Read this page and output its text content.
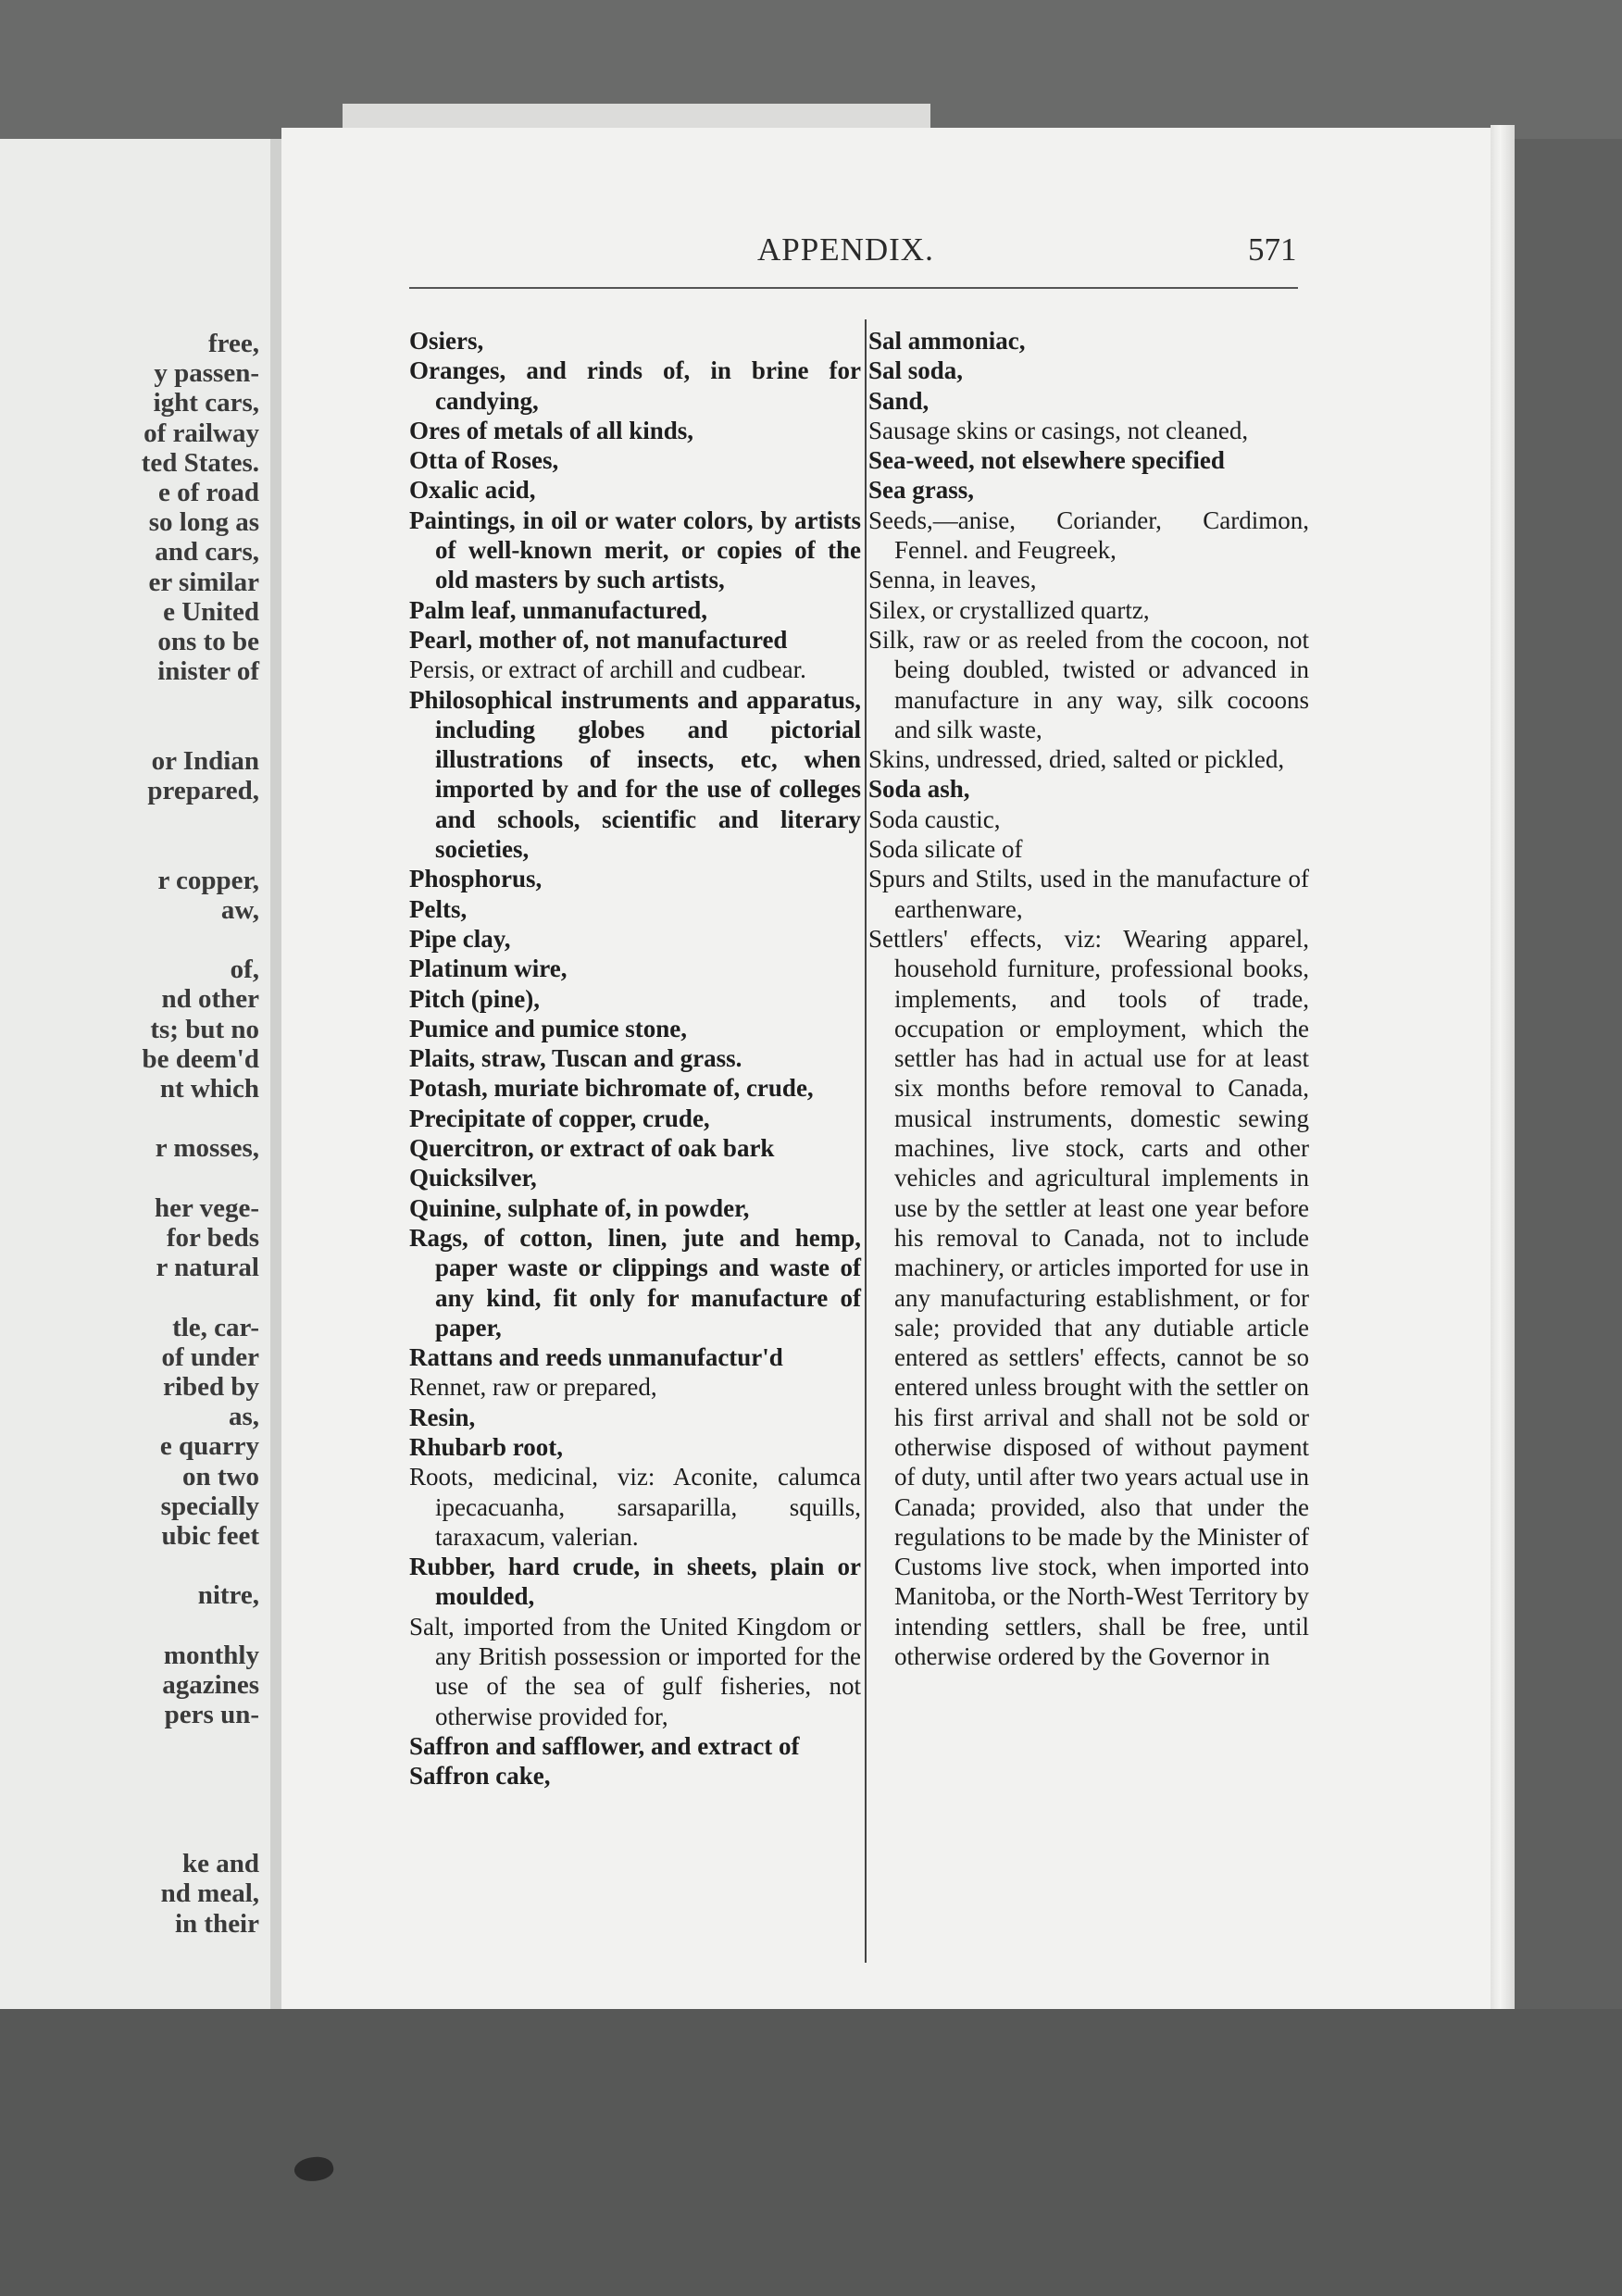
free,
y passen-
ight cars,
of railway
ted States.
e of road
so long as
and cars,
er similar
e United
ons to be
inister of
or Indian
prepared,
r copper,
aw,
of,
nd other
ts; but no
be deem'd
nt which
r mosses,
her vege-
for beds
r natural
tle, car-
of under
ribed by
as,
e quarry
on two
specially
ubic feet
nitre,
monthly
agazines
pers un-
ke and
nd meal,
in their
APPENDIX.	571

Osiers,

Oranges, and rinds of, in brine for candying,

Ores of metals of all kinds,

Otta of Roses,

Oxalic acid,

Paintings, in oil or water colors, by artists of well-known merit, or copies of the old masters by such artists,

Palm leaf, unmanufactured,

Pearl, mother of, not manufactured

Persis, or extract of archill and cudbear.

Philosophical instruments and apparatus, including globes and pictorial illustrations of insects, etc, when imported by and for the use of colleges and schools, scientific and literary societies,

Phosphorus,

Pelts,

Pipe clay,

Platinum wire,

Pitch (pine),

Pumice and pumice stone,

Plaits, straw, Tuscan and grass.

Potash, muriate bichromate of, crude,

Precipitate of copper, crude,

Quercitron, or extract of oak bark

Quicksilver,

Quinine, sulphate of, in powder,

Rags, of cotton, linen, jute and hemp, paper waste or clippings and waste of any kind, fit only for manufacture of paper,

Rattans and reeds unmanufactur'd

Rennet, raw or prepared,

Resin,

Rhubarb root,

Roots, medicinal, viz: Aconite, calumca ipecacuanha, sarsaparilla, squills, taraxacum, valerian.

Rubber, hard crude, in sheets, plain or moulded,

Salt, imported from the United Kingdom or any British possession or imported for the use of the sea of gulf fisheries, not otherwise provided for,

Saffron and safflower, and extract of

Saffron cake,

Sal ammoniac,

Sal soda,

Sand,

Sausage skins or casings, not cleaned,

Sea-weed, not elsewhere specified

Sea grass,

Seeds,—anise, Coriander, Cardimon, Fennel. and Feugreek,

Senna, in leaves,

Silex, or crystallized quartz,

Silk, raw or as reeled from the cocoon, not being doubled, twisted or advanced in manufacture in any way, silk cocoons and silk waste,

Skins, undressed, dried, salted or pickled,

Soda ash,

Soda caustic,

Soda silicate of

Spurs and Stilts, used in the manufacture of earthenware,

Settlers' effects, viz: Wearing apparel, household furniture, professional books, implements, and tools of trade, occupation or employment, which the settler has had in actual use for at least six months before removal to Canada, musical instruments, domestic sewing machines, live stock, carts and other vehicles and agricultural implements in use by the settler at least one year before his removal to Canada, not to include machinery, or articles imported for use in any manufacturing establishment, or for sale; provided that any dutiable article entered as settlers' effects, cannot be so entered unless brought with the settler on his first arrival and shall not be sold or otherwise disposed of without payment of duty, until after two years actual use in Canada; provided, also that under the regulations to be made by the Minister of Customs live stock, when imported into Manitoba, or the North-West Territory by intending settlers, shall be free, until otherwise ordered by the Governor in
